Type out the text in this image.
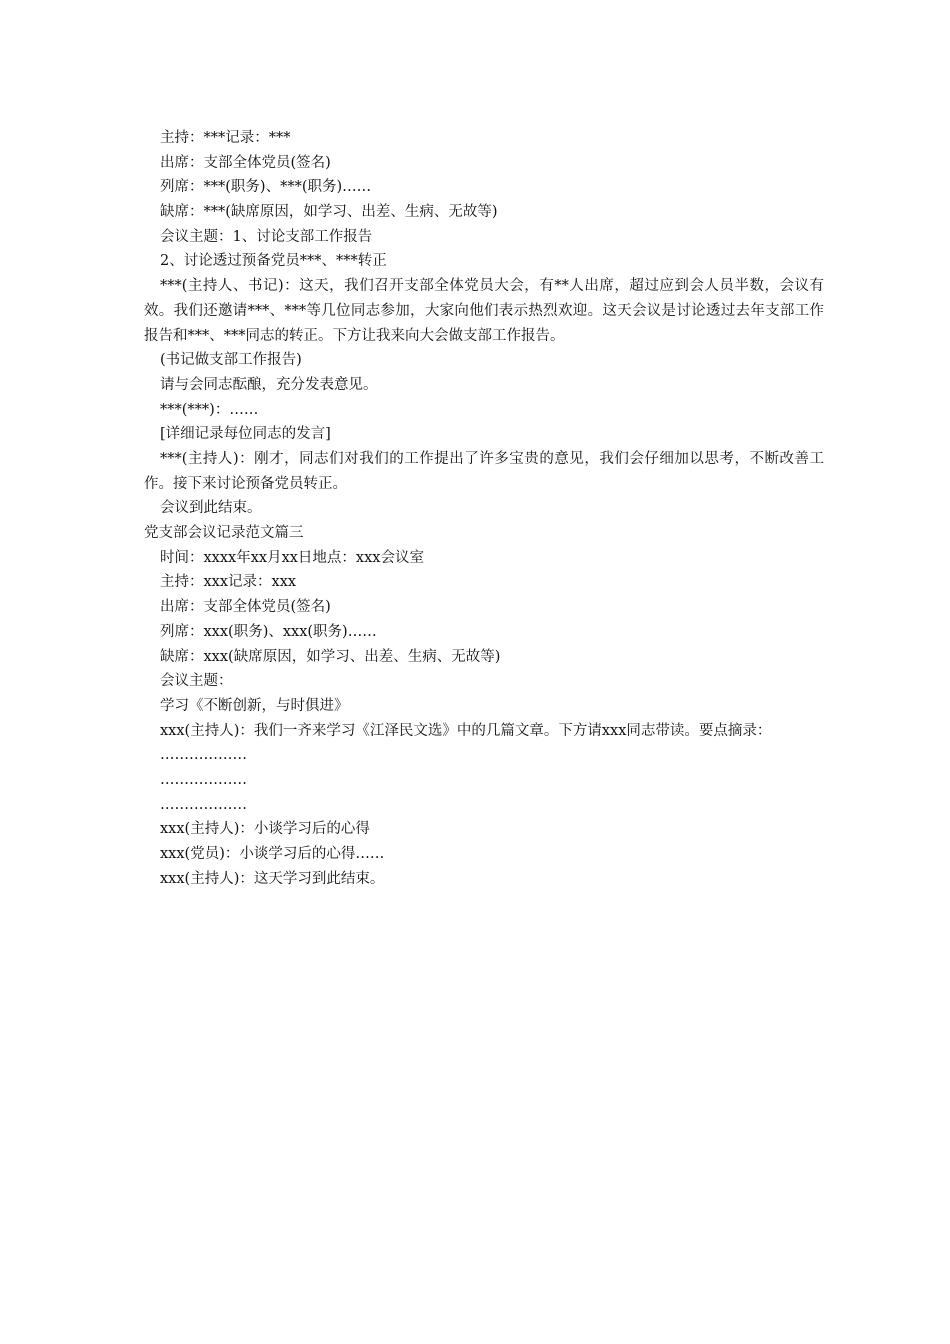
主持：***记录：***
出席：支部全体党员(签名)
列席：***(职务)、***(职务)……
缺席：***(缺席原因，如学习、出差、生病、无故等)
会议主题：1、讨论支部工作报告
2、讨论透过预备党员***、***转正
***(主持人、书记)：这天，我们召开支部全体党员大会，有**人出席，超过应到会人员半数，会议有效。我们还邀请***、***等几位同志参加，大家向他们表示热烈欢迎。这天会议是讨论透过去年支部工作报告和***、***同志的转正。下方让我来向大会做支部工作报告。
(书记做支部工作报告)
请与会同志酝酿，充分发表意见。
***(***)：……
[详细记录每位同志的发言]
***(主持人)：刚才，同志们对我们的工作提出了许多宝贵的意见，我们会仔细加以思考，不断改善工作。接下来讨论预备党员转正。
会议到此结束。
党支部会议记录范文篇三
时间：xxxx年xx月xx日地点：xxx会议室
主持：xxx记录：xxx
出席：支部全体党员(签名)
列席：xxx(职务)、xxx(职务)……
缺席：xxx(缺席原因，如学习、出差、生病、无故等)
会议主题：
学习《不断创新，与时俱进》
xxx(主持人)：我们一齐来学习《江泽民文选》中的几篇文章。下方请xxx同志带读。要点摘录：
………………
………………
………………
xxx(主持人)：小谈学习后的心得
xxx(党员)：小谈学习后的心得……
xxx(主持人)：这天学习到此结束。
